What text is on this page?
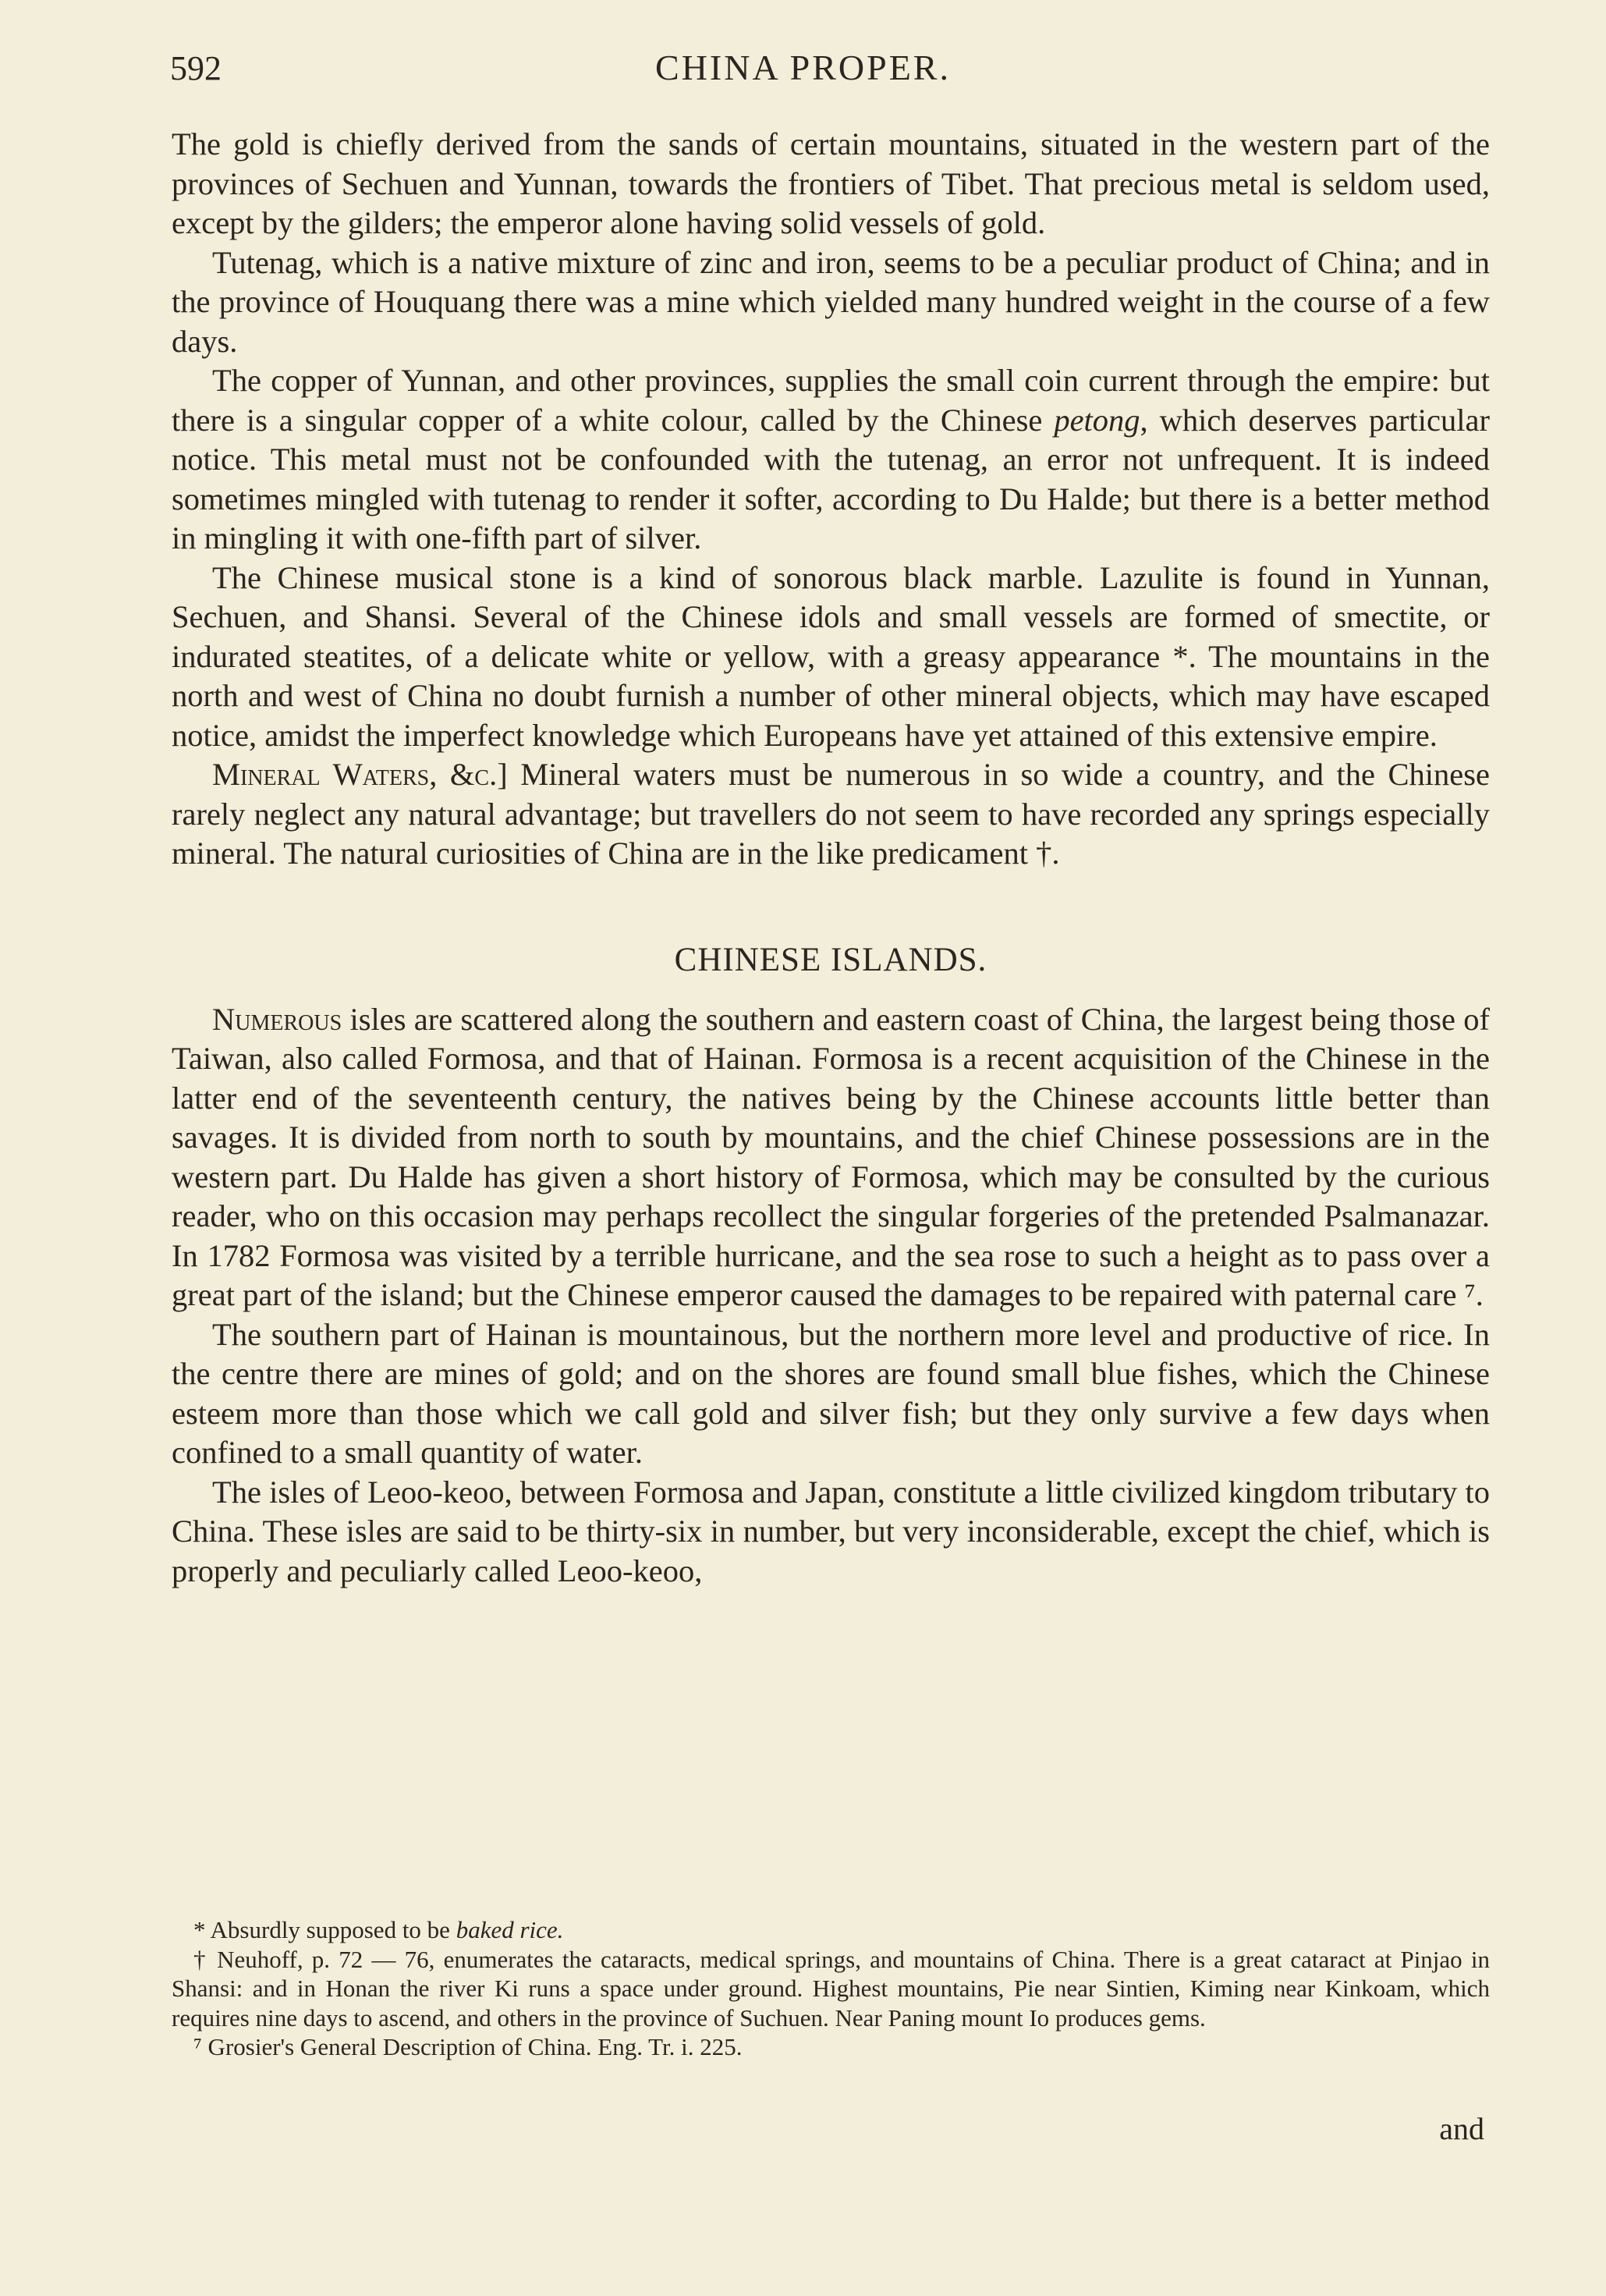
592	CHINA PROPER.

The gold is chiefly derived from the sands of certain mountains, situated in the western part of the provinces of Sechuen and Yunnan, towards the frontiers of Tibet. That precious metal is seldom used, except by the gilders; the emperor alone having solid vessels of gold.

Tutenag, which is a native mixture of zinc and iron, seems to be a peculiar product of China; and in the province of Houquang there was a mine which yielded many hundred weight in the course of a few days.

The copper of Yunnan, and other provinces, supplies the small coin current through the empire: but there is a singular copper of a white colour, called by the Chinese petong, which deserves particular notice. This metal must not be confounded with the tutenag, an error not unfrequent. It is indeed sometimes mingled with tutenag to render it softer, according to Du Halde; but there is a better method in mingling it with one-fifth part of silver.

The Chinese musical stone is a kind of sonorous black marble. Lazulite is found in Yunnan, Sechuen, and Shansi. Several of the Chinese idols and small vessels are formed of smectite, or indurated steatites, of a delicate white or yellow, with a greasy appearance *. The mountains in the north and west of China no doubt furnish a number of other mineral objects, which may have escaped notice, amidst the imperfect knowledge which Europeans have yet attained of this extensive empire.

Mineral Waters, &c.] Mineral waters must be numerous in so wide a country, and the Chinese rarely neglect any natural advantage; but travellers do not seem to have recorded any springs especially mineral. The natural curiosities of China are in the like predicament †.

CHINESE ISLANDS.

Numerous isles are scattered along the southern and eastern coast of China, the largest being those of Taiwan, also called Formosa, and that of Hainan. Formosa is a recent acquisition of the Chinese in the latter end of the seventeenth century, the natives being by the Chinese accounts little better than savages. It is divided from north to south by mountains, and the chief Chinese possessions are in the western part. Du Halde has given a short history of Formosa, which may be consulted by the curious reader, who on this occasion may perhaps recollect the singular forgeries of the pretended Psalmanazar. In 1782 Formosa was visited by a terrible hurricane, and the sea rose to such a height as to pass over a great part of the island; but the Chinese emperor caused the damages to be repaired with paternal care ⁷.

The southern part of Hainan is mountainous, but the northern more level and productive of rice. In the centre there are mines of gold; and on the shores are found small blue fishes, which the Chinese esteem more than those which we call gold and silver fish; but they only survive a few days when confined to a small quantity of water.

The isles of Leoo-keoo, between Formosa and Japan, constitute a little civilized kingdom tributary to China. These isles are said to be thirty-six in number, but very inconsiderable, except the chief, which is properly and peculiarly called Leoo-keoo,

* Absurdly supposed to be baked rice.

† Neuhoff, p. 72 — 76, enumerates the cataracts, medical springs, and mountains of China. There is a great cataract at Pinjao in Shansi: and in Honan the river Ki runs a space under ground. Highest mountains, Pie near Sintien, Kiming near Kinkoam, which requires nine days to ascend, and others in the province of Suchuen. Near Paning mount Io produces gems.

⁷ Grosier's General Description of China. Eng. Tr. i. 225.

and
